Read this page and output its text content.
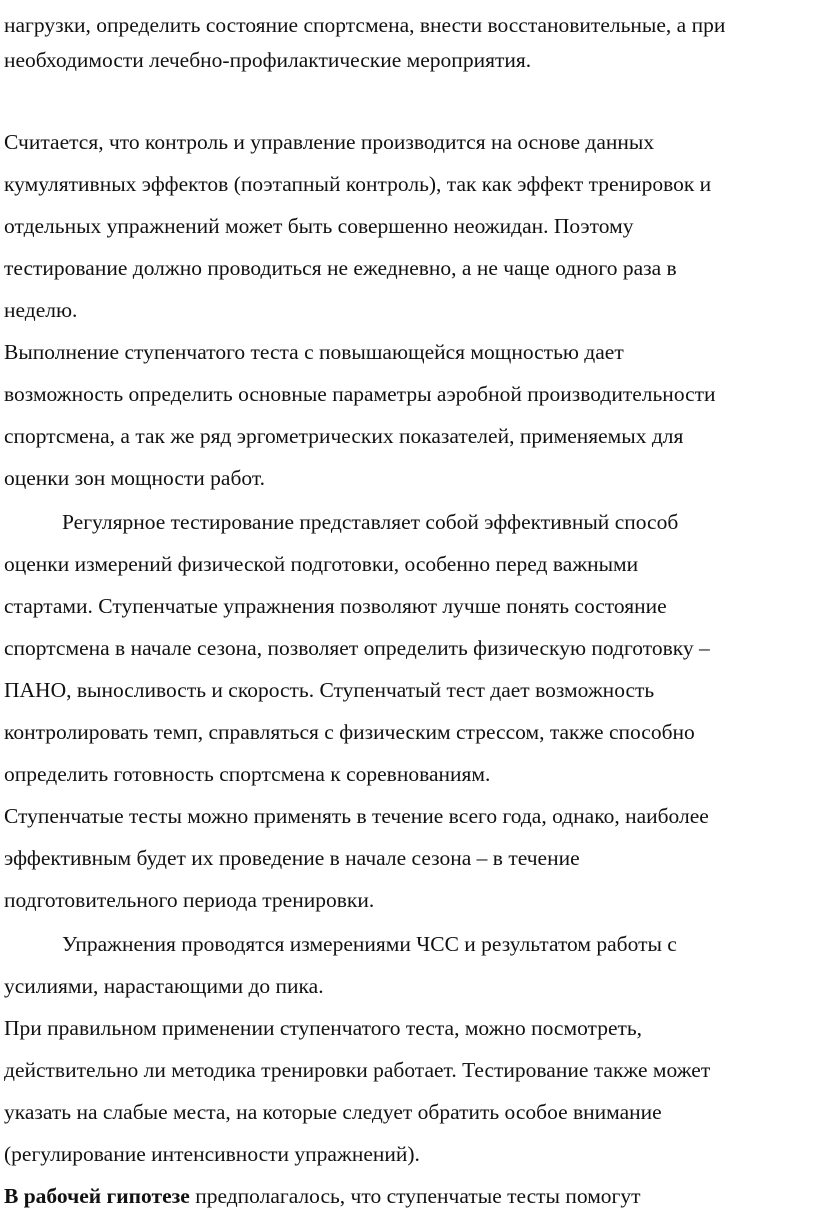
нагрузки, определить состояние спортсмена, внести восстановительные, а при
необходимости лечебно-профилактические мероприятия.
Считается, что контроль и управление производится на основе данных
кумулятивных эффектов (поэтапный контроль), так как эффект тренировок и
отдельных упражнений может быть совершенно неожидан. Поэтому
тестирование должно проводиться не ежедневно, а не чаще одного раза в
неделю.
Выполнение ступенчатого теста с повышающейся мощностью дает
возможность определить основные параметры аэробной производительности
спортсмена, а так же ряд эргометрических показателей, применяемых для
оценки зон мощности работ.
Регулярное тестирование представляет собой эффективный способ
оценки измерений физической подготовки, особенно перед важными
стартами. Ступенчатые упражнения позволяют лучше понять состояние
спортсмена в начале сезона, позволяет определить физическую подготовку –
ПАНО, выносливость и скорость. Ступенчатый тест дает возможность
контролировать темп, справляться с физическим стрессом, также способно
определить готовность спортсмена к соревнованиям.
Ступенчатые тесты можно применять в течение всего года, однако, наиболее
эффективным будет их проведение в начале сезона – в течение
подготовительного периода тренировки.
Упражнения проводятся измерениями ЧСС и результатом работы с
усилиями, нарастающими до пика.
При правильном применении ступенчатого теста, можно посмотреть,
действительно ли методика тренировки работает. Тестирование также может
указать на слабые места, на которые следует обратить особое внимание
(регулирование интенсивности упражнений).
В рабочей гипотезе предполагалось, что ступенчатые тесты помогут
